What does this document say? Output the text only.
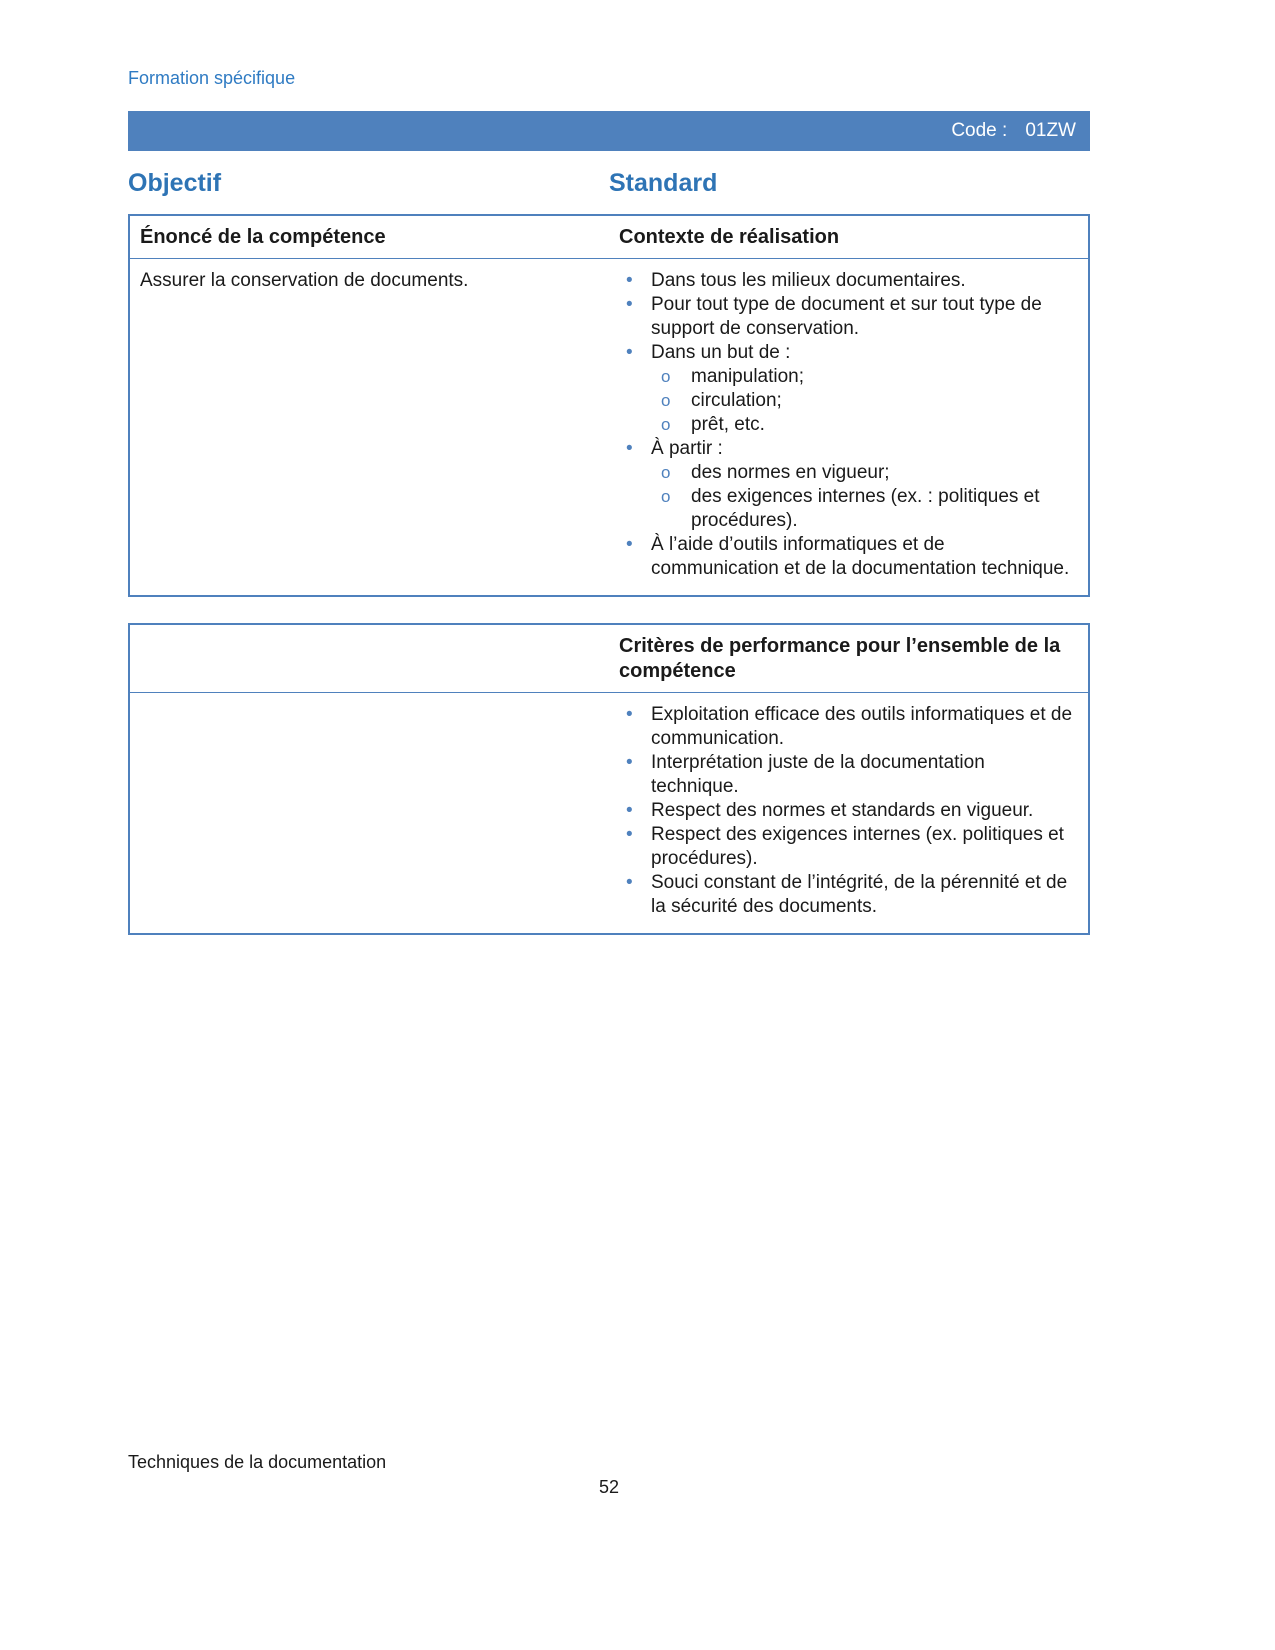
Formation spécifique
Code : 01ZW
Objectif	Standard
Énoncé de la compétence	Contexte de réalisation
Assurer la conservation de documents.	• Dans tous les milieux documentaires.
• Pour tout type de document et sur tout type de support de conservation.
• Dans un but de :
o	manipulation;
o	circulation;
o	prêt, etc.
• À partir :
o	des normes en vigueur;
o	des exigences internes (ex. : politiques et procédures).
• À l’aide d’outils informatiques et de communication et de la documentation technique.
Critères de performance pour l’ensemble de la compétence
• Exploitation efficace des outils informatiques et de communication.
• Interprétation juste de la documentation technique.
• Respect des normes et standards en vigueur.
• Respect des exigences internes (ex. politiques et procédures).
• Souci constant de l’intégrité, de la pérennité et de la sécurité des documents.
Techniques de la documentation
52
